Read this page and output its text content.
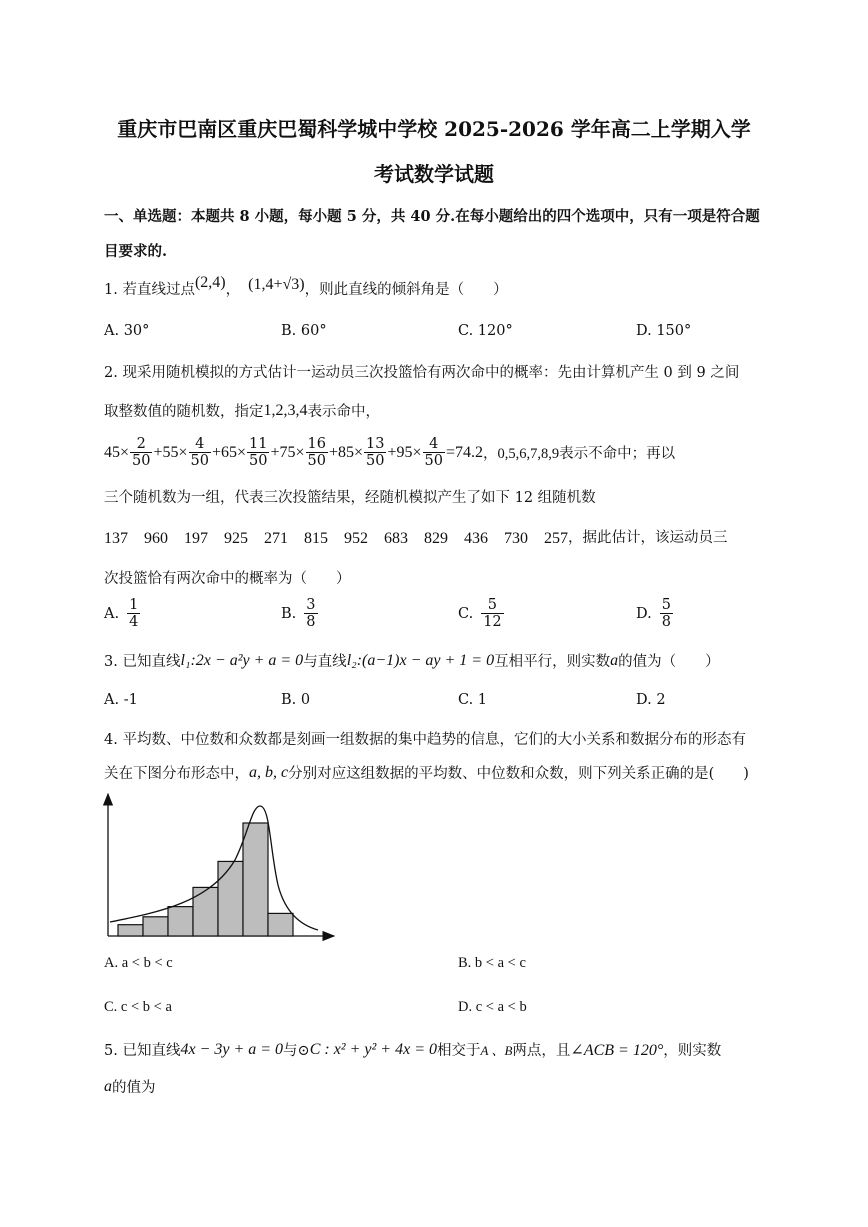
重庆市巴南区重庆巴蜀科学城中学校 2025-2026 学年高二上学期入学
考试数学试题
一、单选题：本题共 8 小题，每小题 5 分，共 40 分.在每小题给出的四个选项中，只有一项是符合题
目要求的.
1. 若直线过点 (2,4) ， (1,4+√3) ，则此直线的倾斜角是（　　）
A. 30°	B. 60°	C. 120°	D. 150°
2. 现采用随机模拟的方式估计一运动员三次投篮恰有两次命中的概率：先由计算机产生 0 到 9 之间
取整数值的随机数，指定 1,2,3,4 表示命中，
$45\times \frac{2}{50} +55\times \frac{4}{50} +65\times \frac{11}{50} +75\times \frac{16}{50} +85\times \frac{13}{50} +95\times \frac{4}{50} =74.2$ ，0,5,6,7,8,9 表示不命中；再以
三个随机数为一组，代表三次投篮结果，经随机模拟产生了如下 12 组随机数
137　960　197　925　271　815　952　683　829　436　730　257 ，据此估计，该运动员三
次投篮恰有两次命中的概率为（　　）
A. $\frac{1}{4}$	B. $\frac{3}{8}$	C. $\frac{5}{12}$	D. $\frac{5}{8}$
3. 已知直线 l₁:2x − a²y + a = 0 与直线 l₂:(a−1)x − ay + 1 = 0 互相平行，则实数 a 的值为（　　）
A. -1	B. 0	C. 1	D. 2
4. 平均数、中位数和众数都是刻画一组数据的集中趋势的信息，它们的大小关系和数据分布的形态有
关在下图分布形态中， a, b, c 分别对应这组数据的平均数、中位数和众数，则下列关系正确的是(　　)
A. a < b < c	B. b < a < c
C. c < b < a	D. c < a < b
5. 已知直线 4x − 3y + a = 0 与⊙ C : x² + y² + 4x = 0 相交于 A 、B 两点，且 ∠ACB = 120° ，则实数
a 的值为
